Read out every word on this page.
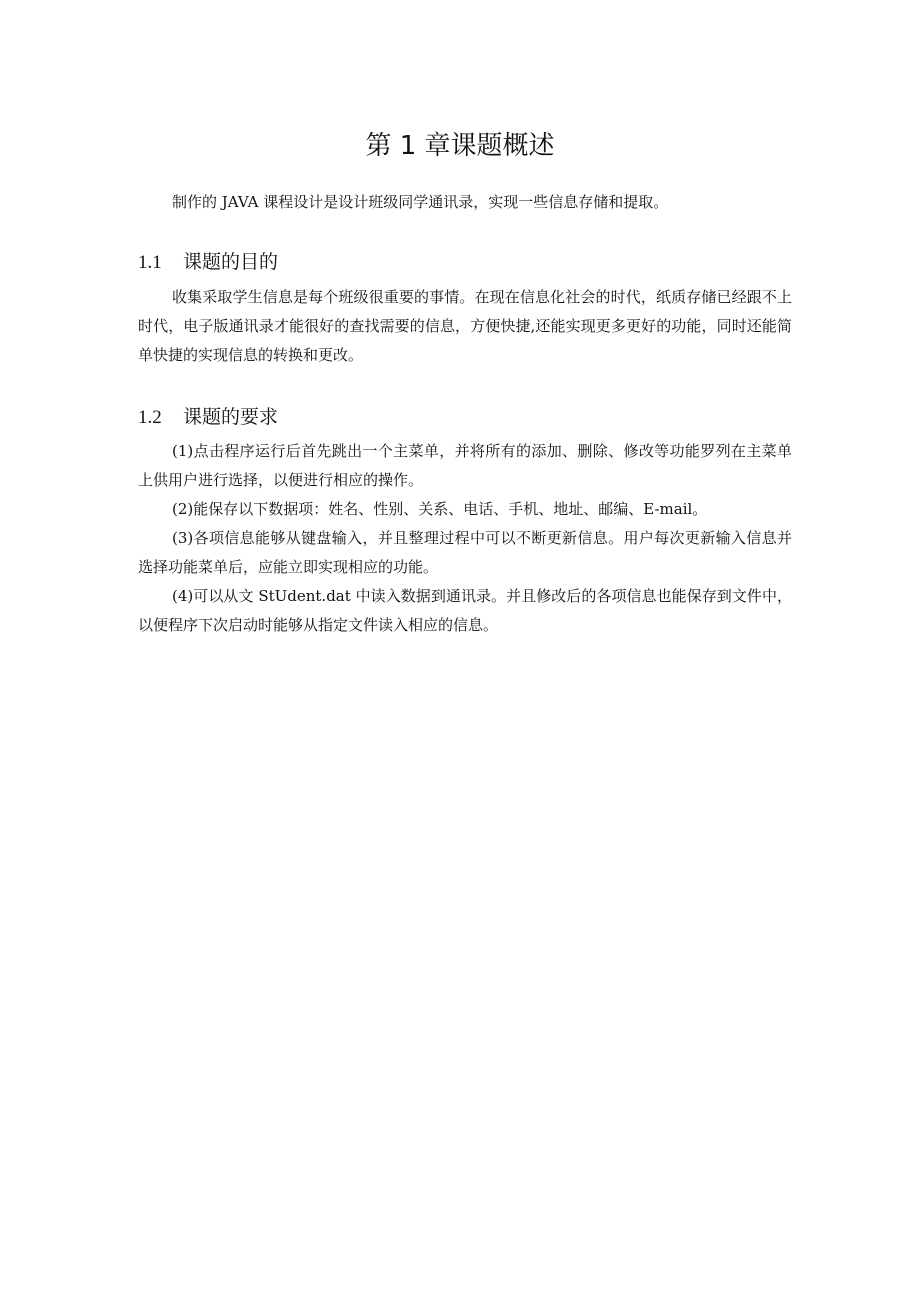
第 1 章课题概述

制作的 JAVA 课程设计是设计班级同学通讯录，实现一些信息存储和提取。

1.1 课题的目的

收集采取学生信息是每个班级很重要的事情。在现在信息化社会的时代，纸质存储已经跟不上时代，电子版通讯录才能很好的查找需要的信息，方便快捷,还能实现更多更好的功能，同时还能简单快捷的实现信息的转换和更改。

1.2 课题的要求

(1)点击程序运行后首先跳出一个主菜单，并将所有的添加、删除、修改等功能罗列在主菜单上供用户进行选择，以便进行相应的操作。

(2)能保存以下数据项：姓名、性别、关系、电话、手机、地址、邮编、E-mail。

(3)各项信息能够从键盘输入，并且整理过程中可以不断更新信息。用户每次更新输入信息并选择功能菜单后，应能立即实现相应的功能。

(4)可以从文 StUdent.dat 中读入数据到通讯录。并且修改后的各项信息也能保存到文件中，以便程序下次启动时能够从指定文件读入相应的信息。
